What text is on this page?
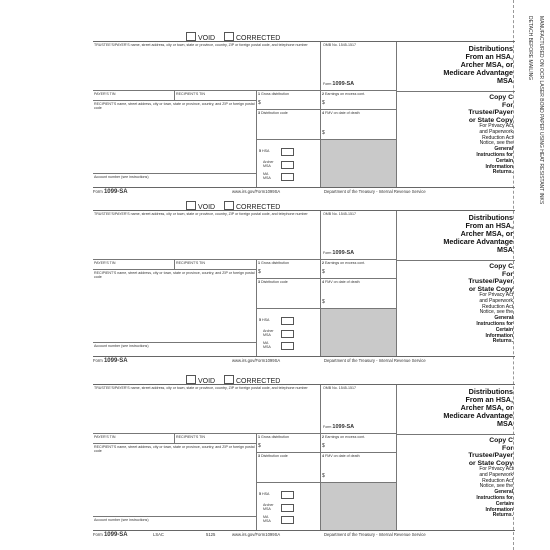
DETACH BEFORE MAILING MANUFACTURED ON OCR LASER BOND PAPER USING HEAT RESISTANT INKS
VOID	CORRECTED
TRUSTEE'S/PAYER'S name, street address, city or town, state or province, country, ZIP or foreign postal code, and telephone number	OMB No. 1545-1517
Form 1099-SA
Distributions
From an HSA,
Archer MSA, or
Medicare Advantage
MSA
PAYER'S TIN	RECIPIENT'S TIN
RECIPIENT'S name, street address, city or town, state or province, country, and ZIP or foreign postal code
Account number (see instructions)
1 Gross distribution
$
2 Earnings on excess cont.
$
3 Distribution code	4 FMV on date of death
$
5 HSA
Archer
MSA
MA
MSA
Copy C
For
Trustee/Payer
or State Copy
For Privacy Act
and Paperwork
Reduction Act
Notice, see the
General
Instructions for
Certain
Information
Returns.
Form 1099-SA	www.irs.gov/Form1099SA	Department of the Treasury - Internal Revenue Service
VOID	CORRECTED
TRUSTEE'S/PAYER'S name, street address, city or town, state or province, country, ZIP or foreign postal code, and telephone number	OMB No. 1545-1517
Form 1099-SA
Distributions
From an HSA,
Archer MSA, or
Medicare Advantage
MSA
PAYER'S TIN	RECIPIENT'S TIN
RECIPIENT'S name, street address, city or town, state or province, country, and ZIP or foreign postal code
Account number (see instructions)
1 Gross distribution
$
2 Earnings on excess cont.
$
3 Distribution code	4 FMV on date of death
$
5 HSA
Archer
MSA
MA
MSA
Copy C
For
Trustee/Payer
or State Copy
For Privacy Act
and Paperwork
Reduction Act
Notice, see the
General
Instructions for
Certain
Information
Returns.
Form 1099-SA	www.irs.gov/Form1099SA	Department of the Treasury - Internal Revenue Service
VOID	CORRECTED
TRUSTEE'S/PAYER'S name, street address, city or town, state or province, country, ZIP or foreign postal code, and telephone number	OMB No. 1545-1517
Form 1099-SA
Distributions
From an HSA,
Archer MSA, or
Medicare Advantage
MSA
PAYER'S TIN	RECIPIENT'S TIN
RECIPIENT'S name, street address, city or town, state or province, country, and ZIP or foreign postal code
Account number (see instructions)
1 Gross distribution
$
2 Earnings on excess cont.
$
3 Distribution code	4 FMV on date of death
$
5 HSA
Archer
MSA
MA
MSA
Copy C
For
Trustee/Payer
or State Copy
For Privacy Act
and Paperwork
Reduction Act
Notice, see the
General
Instructions for
Certain
Information
Returns.
Form 1099-SA	LSAC	5125	www.irs.gov/Form1099SA	Department of the Treasury - Internal Revenue Service
